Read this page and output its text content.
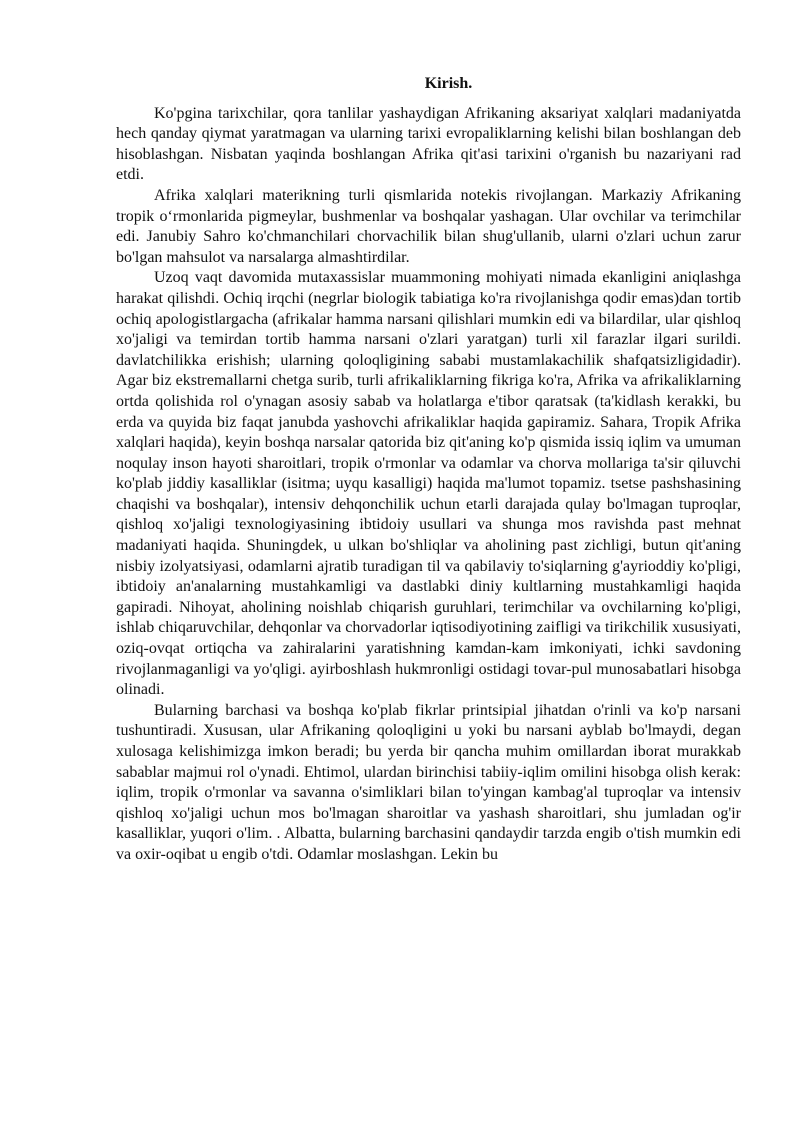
Kirish.

Ko'pgina tarixchilar, qora tanlilar yashaydigan Afrikaning aksariyat xalqlari madaniyatda hech qanday qiymat yaratmagan va ularning tarixi evropaliklarning kelishi bilan boshlangan deb hisoblashgan. Nisbatan yaqinda boshlangan Afrika qit'asi tarixini o'rganish bu nazariyani rad etdi.

Afrika xalqlari materikning turli qismlarida notekis rivojlangan. Markaziy Afrikaning tropik o‘rmonlarida pigmeylar, bushmenlar va boshqalar yashagan. Ular ovchilar va terimchilar edi. Janubiy Sahro ko'chmanchilari chorvachilik bilan shug'ullanib, ularni o'zlari uchun zarur bo'lgan mahsulot va narsalarga almashtirdilar.

Uzoq vaqt davomida mutaxassislar muammoning mohiyati nimada ekanligini aniqlashga harakat qilishdi. Ochiq irqchi (negrlar biologik tabiatiga ko'ra rivojlanishga qodir emas)dan tortib ochiq apologistlargacha (afrikalar hamma narsani qilishlari mumkin edi va bilardilar, ular qishloq xo'jaligi va temirdan tortib hamma narsani o'zlari yaratgan) turli xil farazlar ilgari surildi. davlatchilikka erishish; ularning qoloqligining sababi mustamlakachilik shafqatsizligidadir). Agar biz ekstremallarni chetga surib, turli afrikaliklarning fikriga ko'ra, Afrika va afrikaliklarning ortda qolishida rol o'ynagan asosiy sabab va holatlarga e'tibor qaratsak (ta'kidlash kerakki, bu erda va quyida biz faqat janubda yashovchi afrikaliklar haqida gapiramiz. Sahara, Tropik Afrika xalqlari haqida), keyin boshqa narsalar qatorida biz qit'aning ko'p qismida issiq iqlim va umuman noqulay inson hayoti sharoitlari, tropik o'rmonlar va odamlar va chorva mollariga ta'sir qiluvchi ko'plab jiddiy kasalliklar (isitma; uyqu kasalligi) haqida ma'lumot topamiz. tsetse pashshasining chaqishi va boshqalar), intensiv dehqonchilik uchun etarli darajada qulay bo'lmagan tuproqlar, qishloq xo'jaligi texnologiyasining ibtidoiy usullari va shunga mos ravishda past mehnat madaniyati haqida. Shuningdek, u ulkan bo'shliqlar va aholining past zichligi, butun qit'aning nisbiy izolyatsiyasi, odamlarni ajratib turadigan til va qabilaviy to'siqlarning g'ayrioddiy ko'pligi, ibtidoiy an'analarning mustahkamligi va dastlabki diniy kultlarning mustahkamligi haqida gapiradi. Nihoyat, aholining noishlab chiqarish guruhlari, terimchilar va ovchilarning ko'pligi, ishlab chiqaruvchilar, dehqonlar va chorvadorlar iqtisodiyotining zaifligi va tirikchilik xususiyati, oziq-ovqat ortiqcha va zahiralarini yaratishning kamdan-kam imkoniyati, ichki savdoning rivojlanmaganligi va yo'qligi. ayirboshlash hukmronligi ostidagi tovar-pul munosabatlari hisobga olinadi.

Bularning barchasi va boshqa ko'plab fikrlar printsipial jihatdan o'rinli va ko'p narsani tushuntiradi. Xususan, ular Afrikaning qoloqligini u yoki bu narsani ayblab bo'lmaydi, degan xulosaga kelishimizga imkon beradi; bu yerda bir qancha muhim omillardan iborat murakkab sabablar majmui rol o'ynadi. Ehtimol, ulardan birinchisi tabiiy-iqlim omilini hisobga olish kerak: iqlim, tropik o'rmonlar va savanna o'simliklari bilan to'yingan kambag'al tuproqlar va intensiv qishloq xo'jaligi uchun mos bo'lmagan sharoitlar va yashash sharoitlari, shu jumladan og'ir kasalliklar, yuqori o'lim. . Albatta, bularning barchasini qandaydir tarzda engib o'tish mumkin edi va oxir-oqibat u engib o'tdi. Odamlar moslashgan. Lekin bu
